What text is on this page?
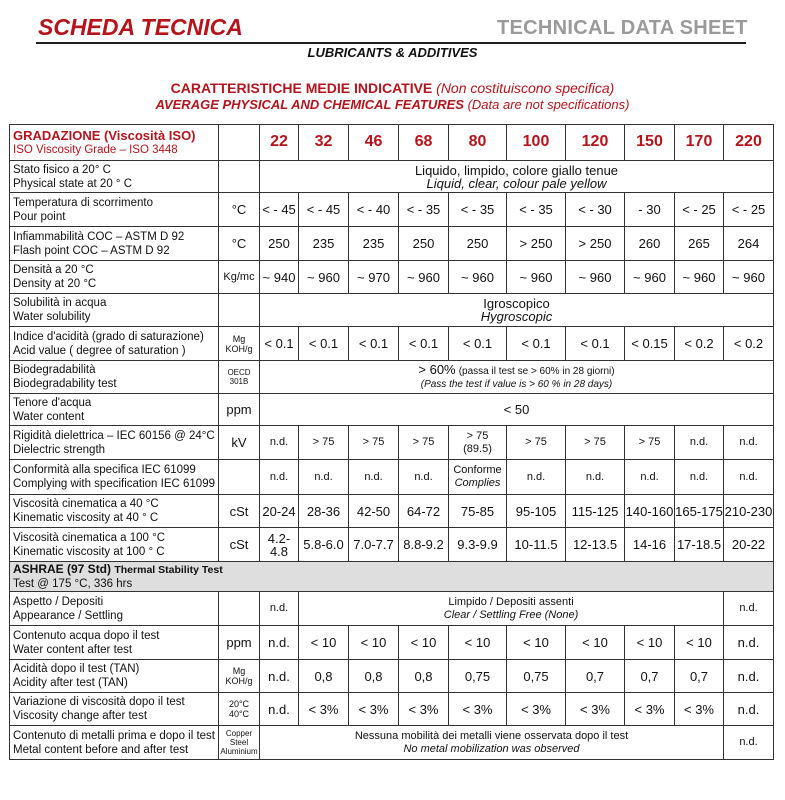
SCHEDA TECNICA	TECHNICAL DATA SHEET
LUBRICANTS & ADDITIVES
CARATTERISTICHE MEDIE INDICATIVE (Non costituiscono specifica)
AVERAGE PHYSICAL AND CHEMICAL FEATURES (Data are not specifications)
GRADAZIONE (Viscosità ISO)
ISO Viscosity Grade – ISO 3448		22	32	46	68	80	100	120	150	170	220

Stato fisico a 20° C
Physical state at 20 ° C		Liquido, limpido, colore giallo tenue
Liquid, clear, colour pale yellow									

Temperatura di scorrimento
Pour point	°C	< - 45	< - 45	< - 40	< - 35	< - 35	< - 35	< - 30	- 30	< - 25	< - 25

Infiammabilità COC – ASTM D 92
Flash point COC – ASTM D 92	°C	250	235	235	250	250	> 250	> 250	260	265	264

Densità a 20 °C
Density at 20 °C	Kg/mc	~ 940	~ 960	~ 970	~ 960	~ 960	~ 960	~ 960	~ 960	~ 960	~ 960

Solubilità in acqua
Water solubility		Igroscopico
Hygroscopic									

Indice d'acidità (grado di saturazione)
Acid value ( degree of saturation )	Mg
KOH/g	< 0.1	< 0.1	< 0.1	< 0.1	< 0.1	< 0.1	< 0.1	< 0.15	< 0.2	< 0.2

Biodegradabilità
Biodegradability test	OECD
301B	> 60% (passa il test se > 60% in 28 giorni)
(Pass the test if value is > 60 % in 28 days)									

Tenore d'acqua
Water content	ppm	< 50									

Rigidità dielettrica – IEC 60156 @ 24°C
Dielectric strength	kV	n.d.	> 75	> 75	> 75	> 75
(89.5)	> 75	> 75	> 75	n.d.	n.d.

Conformità alla specifica IEC 61099
Complying with specification IEC 61099		n.d.	n.d.	n.d.	n.d.	Conforme
Complies	n.d.	n.d.	n.d.	n.d.	n.d.

Viscosità cinematica a 40 °C
Kinematic viscosity at 40 ° C	cSt	20-24	28-36	42-50	64-72	75-85	95-105	115-125	140-160	165-175	210-230

Viscosità cinematica a 100 °C
Kinematic viscosity at 100 ° C	cSt	4.2-4.8	5.8-6.0	7.0-7.7	8.8-9.2	9.3-9.9	10-11.5	12-13.5	14-16	17-18.5	20-22

ASHRAE (97 Std) Thermal Stability Test
Test @ 175 °C, 336 hrs											

Aspetto / Depositi
Appearance / Settling		n.d.	Limpido / Depositi assenti
Clear / Settling Free (None)								n.d.

Contenuto acqua dopo il test
Water content after test	ppm	n.d.	< 10	< 10	< 10	< 10	< 10	< 10	< 10	< 10	n.d.

Acidità dopo il test (TAN)
Acidity after test (TAN)	Mg
KOH/g	n.d.	0,8	0,8	0,8	0,75	0,75	0,7	0,7	0,7	n.d.

Variazione di viscosità dopo il test
Viscosity change after test	20°C
40°C	n.d.	< 3%	< 3%	< 3%	< 3%	< 3%	< 3%	< 3%	< 3%	n.d.

Contenuto di metalli prima e dopo il test
Metal content before and after test	Copper
Steel
Aluminium	Nessuna mobilità dei metalli viene osservata dopo il test
No metal mobilization was observed									n.d.
